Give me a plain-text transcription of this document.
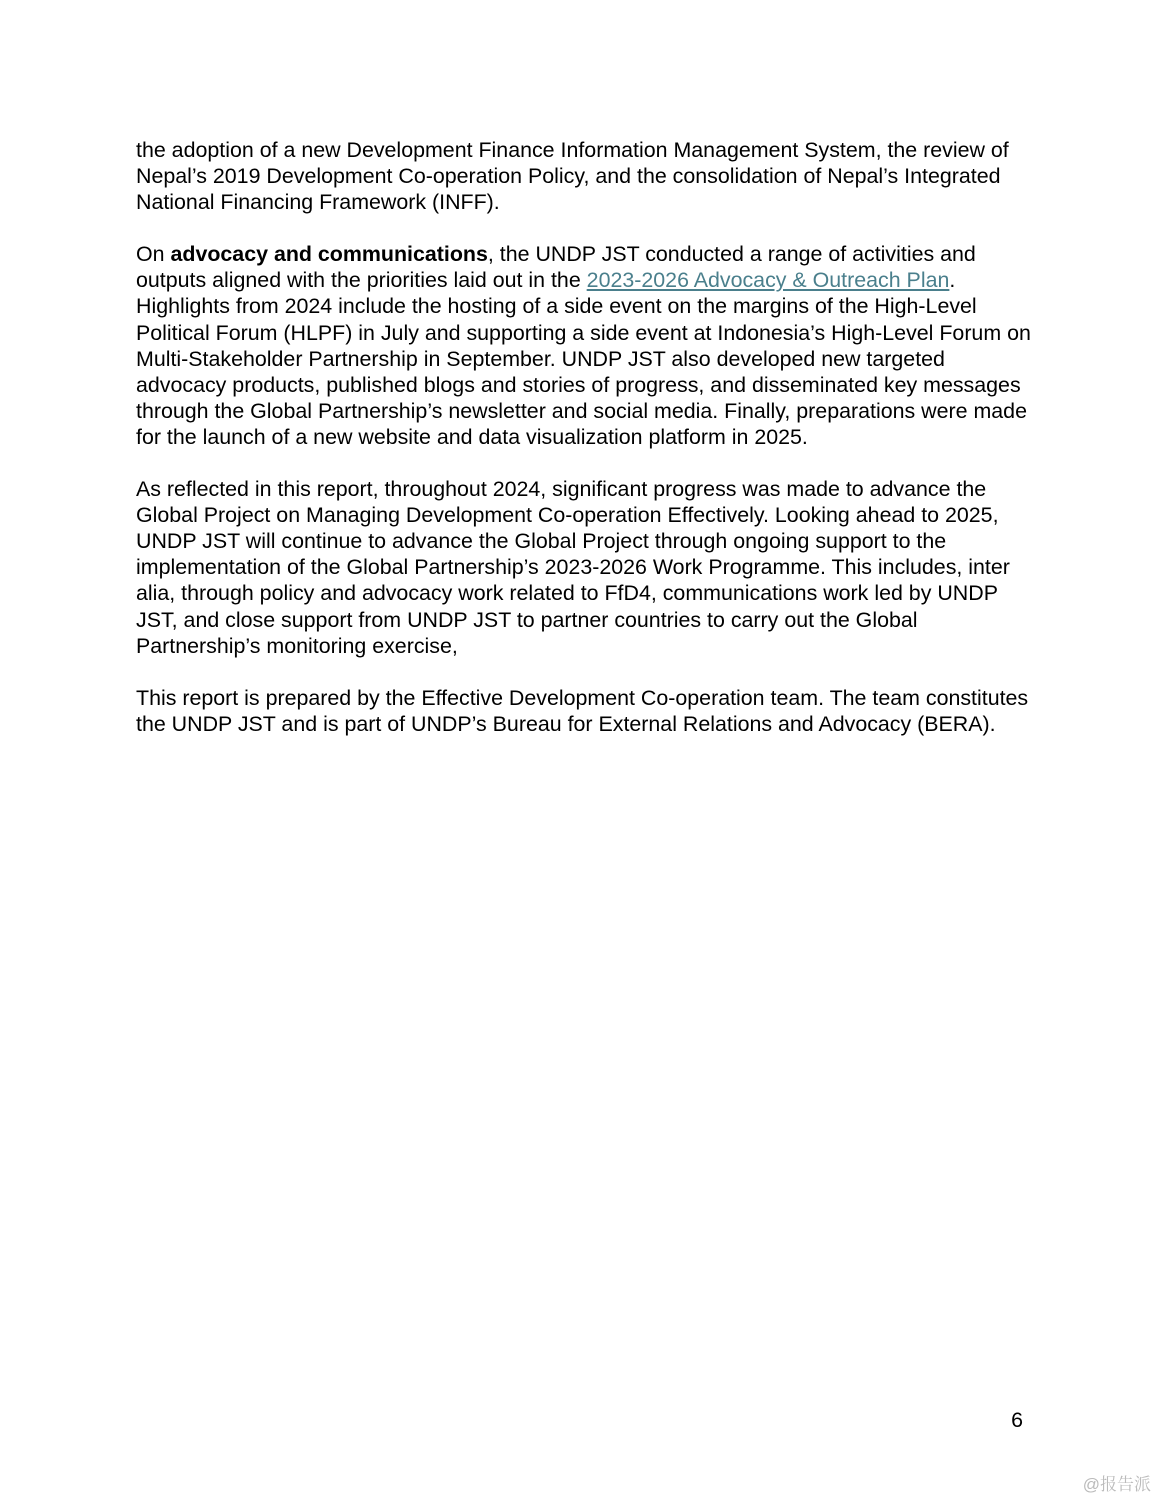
the adoption of a new Development Finance Information Management System, the review of Nepal’s 2019 Development Co-operation Policy, and the consolidation of Nepal’s Integrated National Financing Framework (INFF).

On advocacy and communications, the UNDP JST conducted a range of activities and outputs aligned with the priorities laid out in the 2023-2026 Advocacy & Outreach Plan. Highlights from 2024 include the hosting of a side event on the margins of the High-Level Political Forum (HLPF) in July and supporting a side event at Indonesia’s High-Level Forum on Multi-Stakeholder Partnership in September. UNDP JST also developed new targeted advocacy products, published blogs and stories of progress, and disseminated key messages through the Global Partnership’s newsletter and social media. Finally, preparations were made for the launch of a new website and data visualization platform in 2025.

As reflected in this report, throughout 2024, significant progress was made to advance the Global Project on Managing Development Co-operation Effectively. Looking ahead to 2025, UNDP JST will continue to advance the Global Project through ongoing support to the implementation of the Global Partnership’s 2023-2026 Work Programme. This includes, inter alia, through policy and advocacy work related to FfD4, communications work led by UNDP JST, and close support from UNDP JST to partner countries to carry out the Global Partnership’s monitoring exercise,

This report is prepared by the Effective Development Co-operation team. The team constitutes the UNDP JST and is part of UNDP’s Bureau for External Relations and Advocacy (BERA).

6
@报告派
